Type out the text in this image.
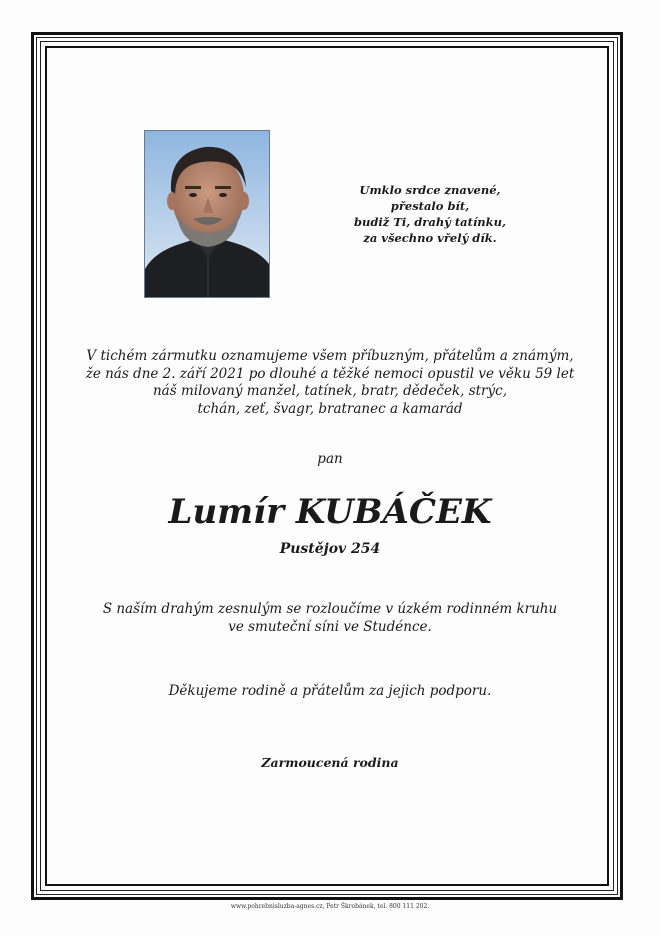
Umklo srdce znavené,
přestalo bít,
budiž Ti, drahý tatínku,
za všechno vřelý dík.
V tichém zármutku oznamujeme všem příbuzným, přátelům a známým,
že nás dne 2. září 2021 po dlouhé a těžké nemoci opustil ve věku 59 let
náš milovaný manžel, tatínek, bratr, dědeček, strýc,
tchán, zeť, švagr, bratranec a kamarád
pan
Lumír KUBÁČEK
Pustějov 254
S naším drahým zesnulým se rozloučíme v úzkém rodinném kruhu
ve smuteční síni ve Studénce.
Děkujeme rodině a přátelům za jejich podporu.
Zarmoucená rodina
www.pohrebnisluzba-agnes.cz, Petr Škrobánek, tel. 800 111 202.
